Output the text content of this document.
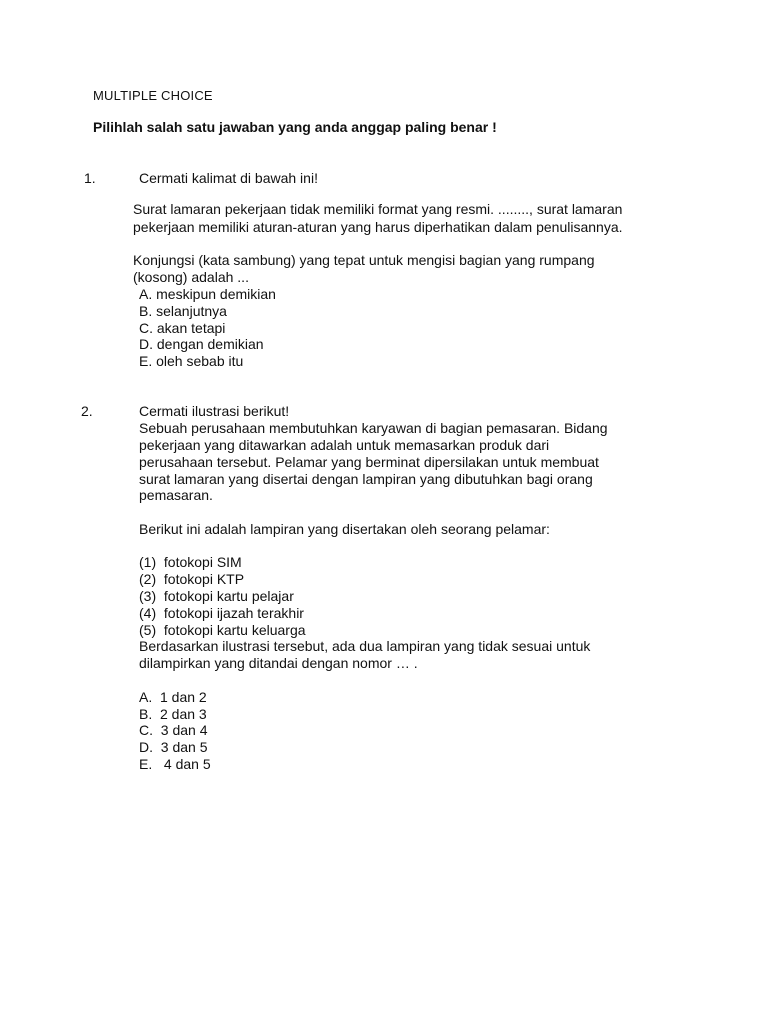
MULTIPLE CHOICE
Pilihlah salah satu jawaban yang anda anggap paling benar !
1.	Cermati kalimat di bawah ini!
Surat lamaran pekerjaan tidak memiliki format yang resmi. ........, surat lamaran
pekerjaan memiliki aturan-aturan yang harus diperhatikan dalam penulisannya.
Konjungsi (kata sambung) yang tepat untuk mengisi bagian yang rumpang
(kosong) adalah ...
A. meskipun demikian
B. selanjutnya
C. akan tetapi
D. dengan demikian
E. oleh sebab itu
2.	Cermati ilustrasi berikut!
Sebuah perusahaan membutuhkan karyawan di bagian pemasaran. Bidang
pekerjaan yang ditawarkan adalah untuk memasarkan produk dari
perusahaan tersebut. Pelamar yang berminat dipersilakan untuk membuat
surat lamaran yang disertai dengan lampiran yang dibutuhkan bagi orang
pemasaran.
Berikut ini adalah lampiran yang disertakan oleh seorang pelamar:
(1)  fotokopi SIM
(2)  fotokopi KTP
(3)  fotokopi kartu pelajar
(4)  fotokopi ijazah terakhir
(5)  fotokopi kartu keluarga
Berdasarkan ilustrasi tersebut, ada dua lampiran yang tidak sesuai untuk
dilampirkan yang ditandai dengan nomor … .
A.  1 dan 2
B.  2 dan 3
C.  3 dan 4
D.  3 dan 5
E.   4 dan 5
